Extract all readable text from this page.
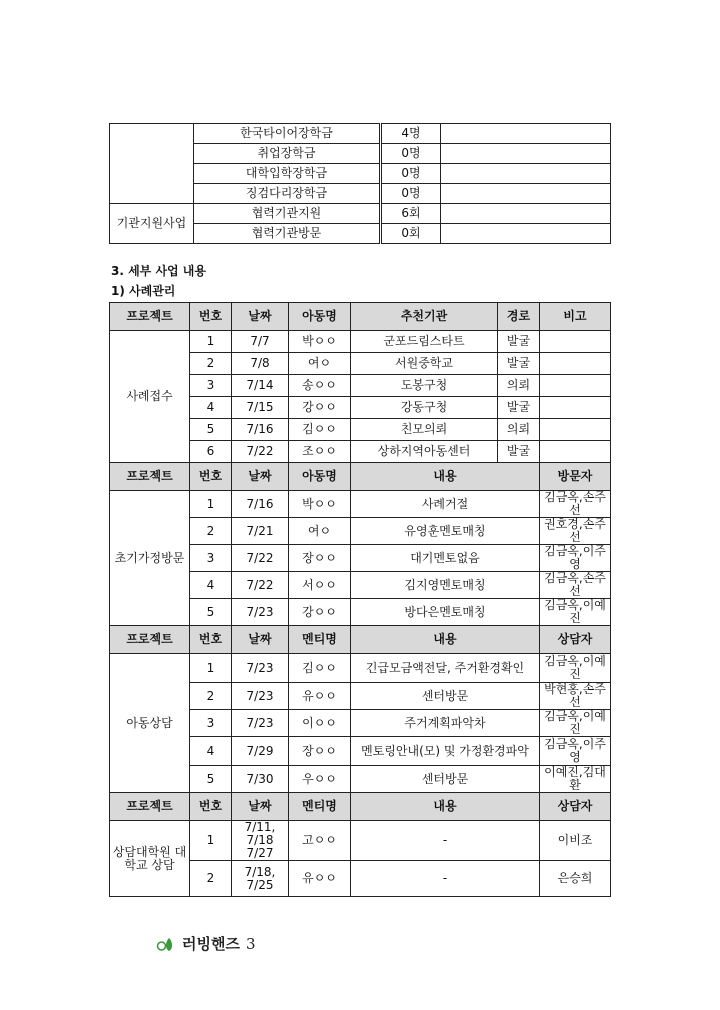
	한국타이어장학금	4명	
	취업장학금	0명	
	대학입학장학금	0명	
	징검다리장학금	0명	
기관지원사업	협력기관지원	6회	
	협력기관방문	0회	
3. 세부 사업 내용
1) 사례관리
프로젝트	번호	날짜	아동명	추천기관	경로	비고
사례접수	1	7/7	박ㅇㅇ	군포드림스타트	발굴	
	2	7/8	여ㅇ	서원중학교	발굴	
	3	7/14	송ㅇㅇ	도봉구청	의뢰	
	4	7/15	강ㅇㅇ	강동구청	발굴	
	5	7/16	김ㅇㅇ	친모의뢰	의뢰	
	6	7/22	조ㅇㅇ	상하지역아동센터	발굴	
프로젝트	번호	날짜	아동명	내용		방문자
초기가정방문	1	7/16	박ㅇㅇ	사례거절		김금옥,손주선
	2	7/21	여ㅇ	유영훈멘토매칭		권호경,손주선
	3	7/22	장ㅇㅇ	대기멘토없음		김금옥,이주영
	4	7/22	서ㅇㅇ	김지영멘토매칭		김금옥,손주선
	5	7/23	강ㅇㅇ	방다은멘토매칭		김금옥,이예진
프로젝트	번호	날짜	멘티명	내용		상담자
아동상담	1	7/23	김ㅇㅇ	긴급모금액전달, 주거환경확인		김금옥,이예진
	2	7/23	유ㅇㅇ	센터방문		박현홍,손주선
	3	7/23	이ㅇㅇ	주거계획파악차		김금옥,이예진
	4	7/29	장ㅇㅇ	멘토링안내(모) 및 가정환경파악		김금옥,이주영
	5	7/30	우ㅇㅇ	센터방문		이예진,김대환
프로젝트	번호	날짜	멘티명	내용		상담자
상담대학원 대학교 상담	1	7/11, 7/18 7/27	고ㅇㅇ	-		이비조
	2	7/18, 7/25	유ㅇㅇ	-		은승희
러빙핸즈 3
